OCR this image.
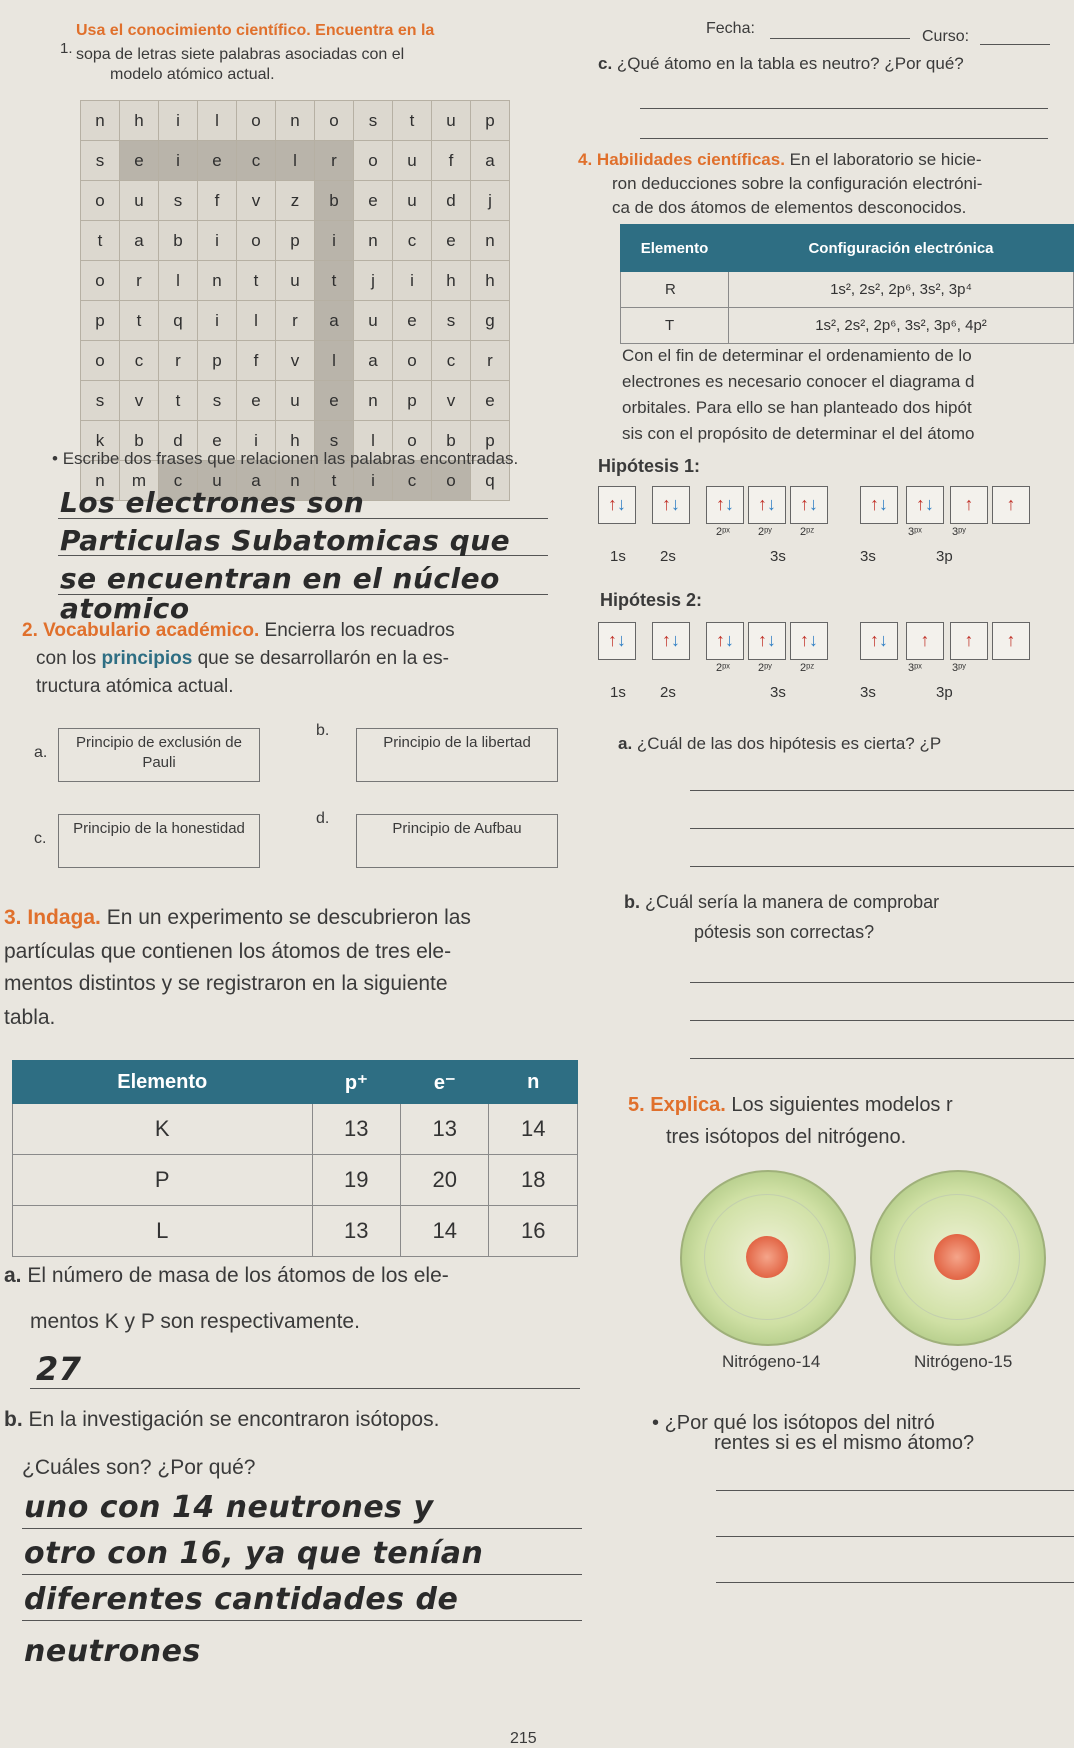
Fecha:	Curso:
1.
Usa el conocimiento científico. Encuentra en la
sopa de letras siete palabras asociadas con el
modelo atómico actual.
n	h	i	l	o	n	o	s	t	u	p
s	e	i	e	c	l	r	o	u	f	a
o	u	s	f	v	z	b	e	u	d	j
t	a	b	i	o	p	i	n	c	e	n
o	r	l	n	t	u	t	j	i	h	h
p	t	q	i	l	r	a	u	e	s	g
o	c	r	p	f	v	l	a	o	c	r
s	v	t	s	e	u	e	n	p	v	e
k	b	d	e	i	h	s	l	o	b	p
n	m	c	u	a	n	t	i	c	o	q
• Escribe dos frases que relacionen las palabras encontradas.
Los electrones son
Particulas Subatomicas que
se encuentran en el núcleo
atomico
2. Vocabulario académico. Encierra los recuadros
con los principios que se desarrollarón en la es-
tructura atómica actual.
a.
Principio de exclusión de Pauli
b.
Principio de la libertad
c.
Principio de la honestidad
d.
Principio de Aufbau
3. Indaga. En un experimento se descubrieron las
partículas que contienen los átomos de tres ele-
mentos distintos y se registraron en la siguiente
tabla.
Elemento	p⁺	e⁻	n
K	13	13	14
P	19	20	18
L	13	14	16
a. El número de masa de los átomos de los ele-
mentos K y P son respectivamente.
27
b. En la investigación se encontraron isótopos.
¿Cuáles son? ¿Por qué?
uno con 14 neutrones y
otro con 16, ya que tenían
diferentes cantidades de
neutrones
c. ¿Qué átomo en la tabla es neutro? ¿Por qué?
4. Habilidades científicas. En el laboratorio se hicie-
ron deducciones sobre la configuración electróni-
ca de dos átomos de elementos desconocidos.
Elemento	Configuración electrónica
R	1s², 2s², 2p⁶, 3s², 3p⁴
T	1s², 2s², 2p⁶, 3s², 3p⁶, 4p²
Con el fin de determinar el ordenamiento de lo
electrones es necesario conocer el diagrama d
orbitales. Para ello se han planteado dos hipót
sis con el propósito de determinar el del átomo
Hipótesis 1:
↑↓	↑↓	↑↓	↑↓	↑↓	↑↓	↑↓	↑	↑
1s 2s	3s	3s	3p
2ᵖˣ	2ᵖʸ	2ᵖᶻ	3ᵖˣ	3ᵖʸ
Hipótesis 2:
↑↓	↑↓	↑↓	↑↓	↑↓	↑↓	↑	↑	↑
1s 2s	3s	3s	3p
2ᵖˣ	2ᵖʸ	2ᵖᶻ	3ᵖˣ	3ᵖʸ
a. ¿Cuál de las dos hipótesis es cierta? ¿P
b. ¿Cuál sería la manera de comprobar
pótesis son correctas?
5. Explica. Los siguientes modelos r
tres isótopos del nitrógeno.
Nitrógeno-14	Nitrógeno-15
• ¿Por qué los isótopos del nitró
rentes si es el mismo átomo?
215
